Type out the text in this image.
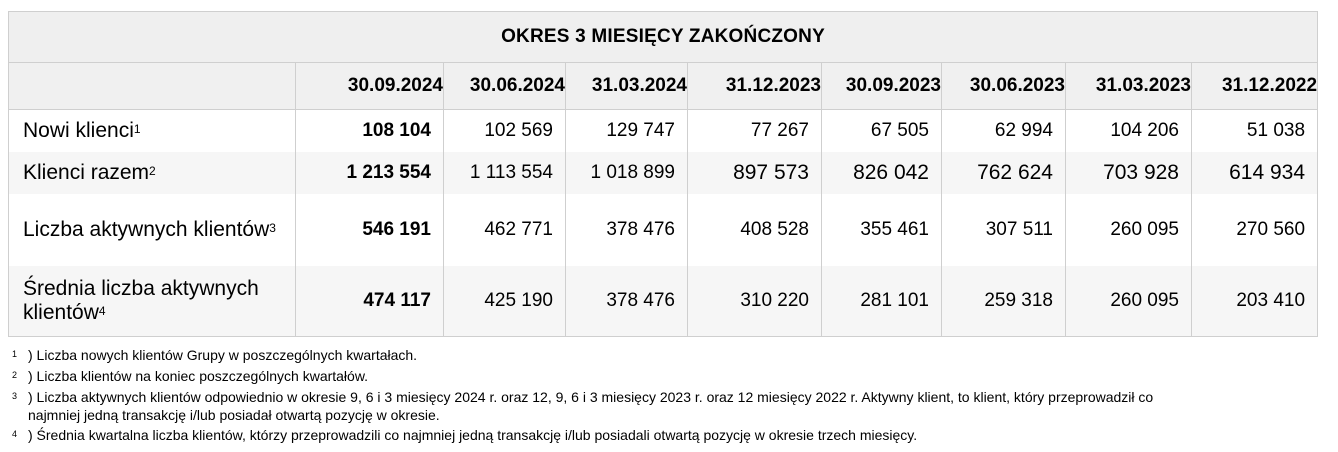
OKRES 3 MIESIĘCY ZAKOŃCZONY								
	30.09.2024	30.06.2024	31.03.2024	31.12.2023	30.09.2023	30.06.2023	31.03.2023	31.12.2022
Nowi klienci$^1$	108 104	102 569	129 747	77 267	67 505	62 994	104 206	51 038
Klienci razem$^2$	1 213 554	1 113 554	1 018 899	897 573	826 042	762 624	703 928	614 934
Liczba aktywnych klientów$^3$	546 191	462 771	378 476	408 528	355 461	307 511	260 095	270 560
Średnia liczba aktywnych klientów$^4$	474 117	425 190	378 476	310 220	281 101	259 318	260 095	203 410
$^1$ ) Liczba nowych klientów Grupy w poszczególnych kwartałach.
$^2$ ) Liczba klientów na koniec poszczególnych kwartałów.
$^3$ ) Liczba aktywnych klientów odpowiednio w okresie 9, 6 i 3 miesięcy 2024 r. oraz 12, 9, 6 i 3 miesięcy 2023 r. oraz 12 miesięcy 2022 r. Aktywny klient, to klient, który przeprowadził co najmniej jedną transakcję i/lub posiadał otwartą pozycję w okresie.
$^4$ ) Średnia kwartalna liczba klientów, którzy przeprowadzili co najmniej jedną transakcję i/lub posiadali otwartą pozycję w okresie trzech miesięcy.
